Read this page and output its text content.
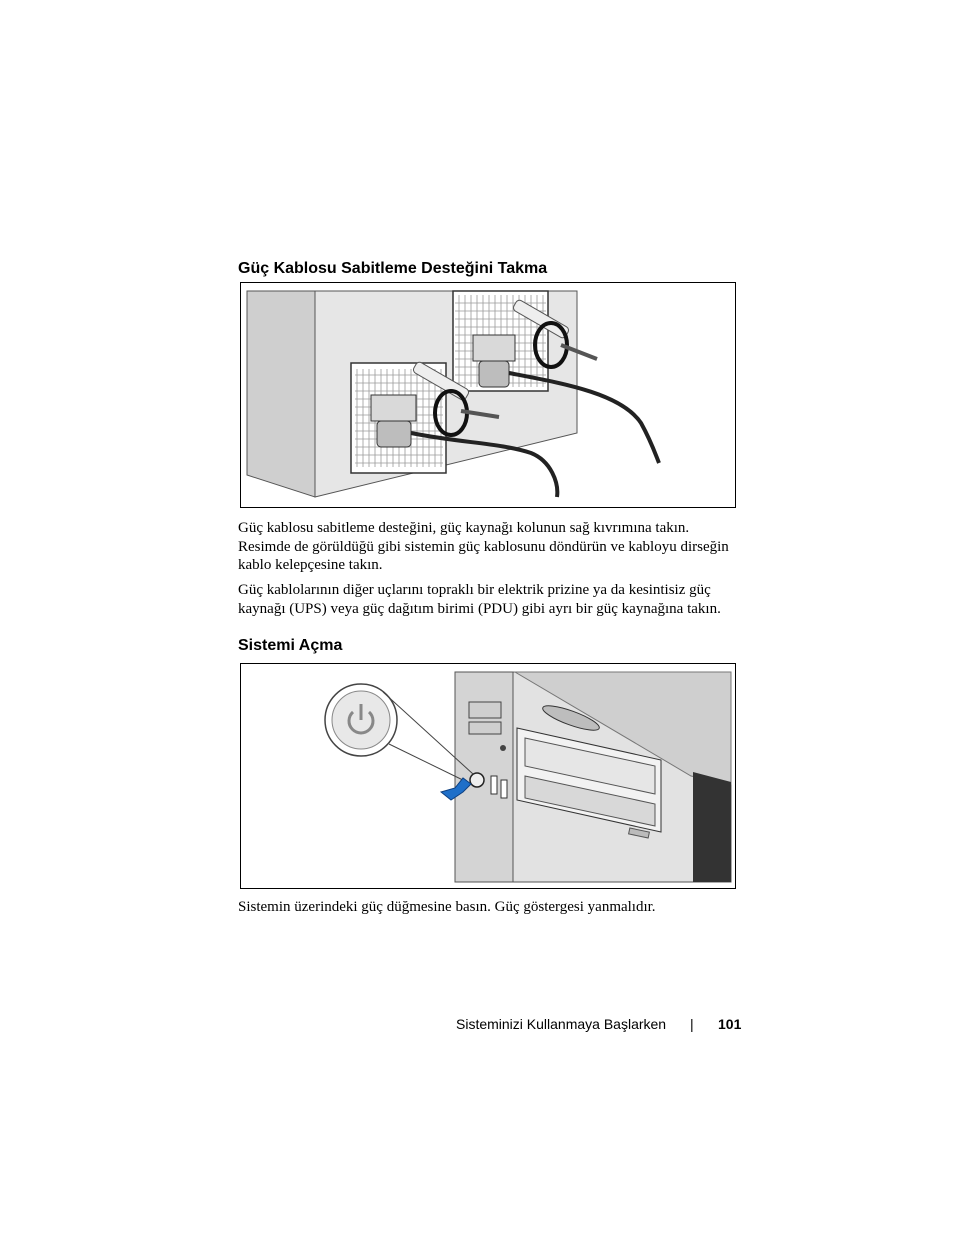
Güç Kablosu Sabitleme Desteğini Takma

Güç kablosu sabitleme desteğini, güç kaynağı kolunun sağ kıvrımına takın. Resimde de görüldüğü gibi sistemin güç kablosunu döndürün ve kabloyu dirseğin kablo kelepçesine takın.

Güç kablolarının diğer uçlarını topraklı bir elektrik prizine ya da kesintisiz güç kaynağı (UPS) veya güç dağıtım birimi (PDU) gibi ayrı bir güç kaynağına takın.

Sistemi Açma

Sistemin üzerindeki güç düğmesine basın. Güç göstergesi yanmalıdır.

Sisteminizi Kullanmaya Başlarken | 101
